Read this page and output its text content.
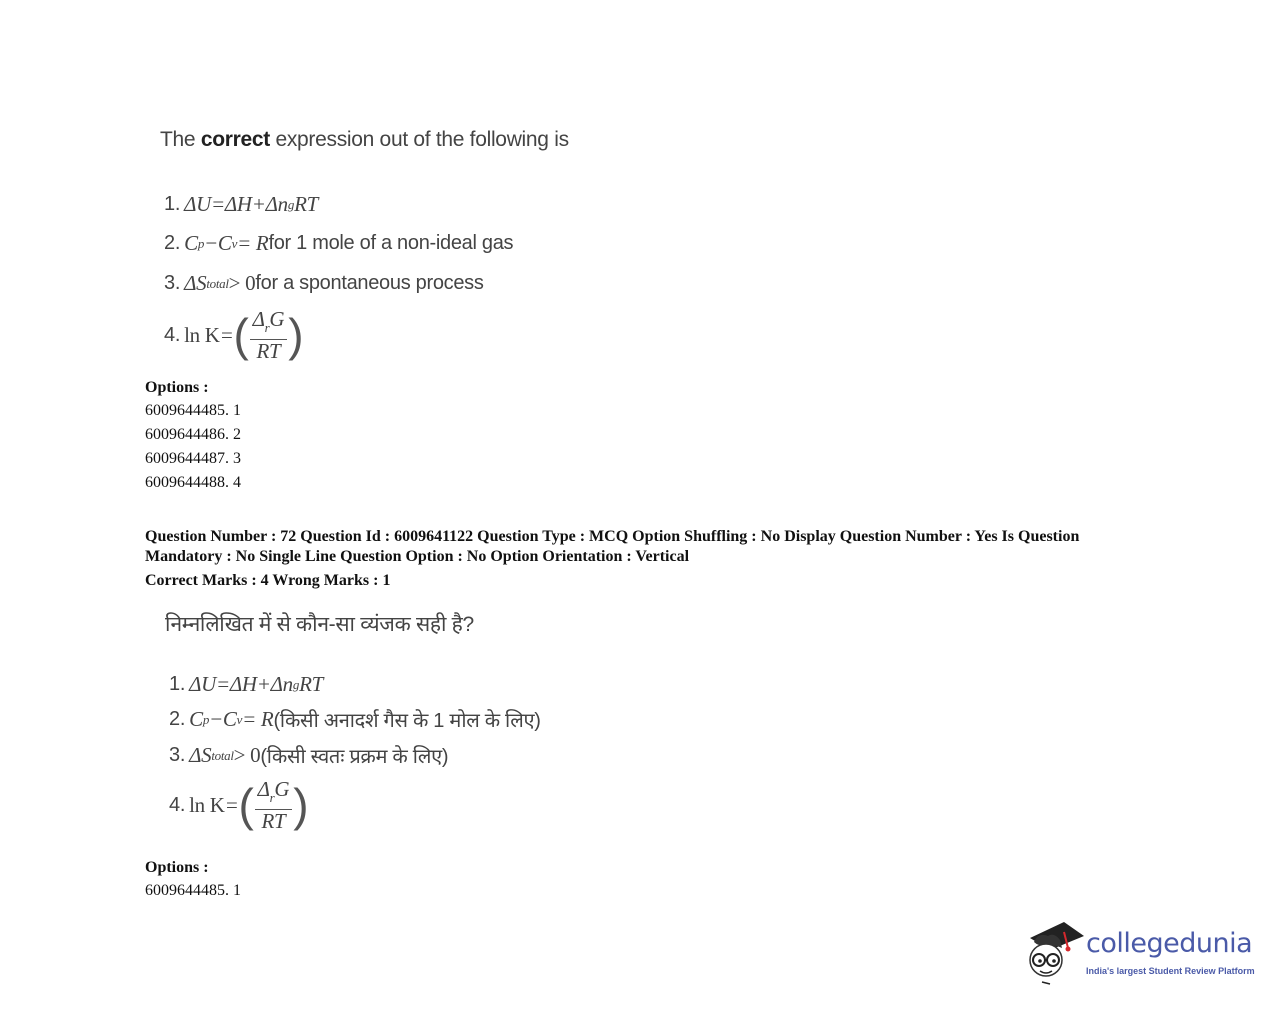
The correct expression out of the following is
1. ΔU = ΔH + Δn g RT
2. C p − C v = R for 1 mole of a non-ideal gas
3. ΔS total > 0 for a spontaneous process
4. ln K = ( $\frac{\Delta_rG}{RT}$ )
Options :
6009644485. 1
6009644486. 2
6009644487. 3
6009644488. 4
Question Number : 72 Question Id : 6009641122 Question Type : MCQ Option Shuffling : No Display Question Number : Yes Is Question Mandatory : No Single Line Question Option : No Option Orientation : Vertical
Correct Marks : 4 Wrong Marks : 1
निम्नलिखित में से कौन-सा व्यंजक सही है?
1. ΔU = ΔH + Δn g RT
2. C p − C v = R (किसी अनादर्श गैस के 1 मोल के लिए)
3. ΔS total > 0 (किसी स्वतः प्रक्रम के लिए)
4. ln K = ( $\frac{\Delta_rG}{RT}$ )
Options :
6009644485. 1
collegedunia
India's largest Student Review Platform
